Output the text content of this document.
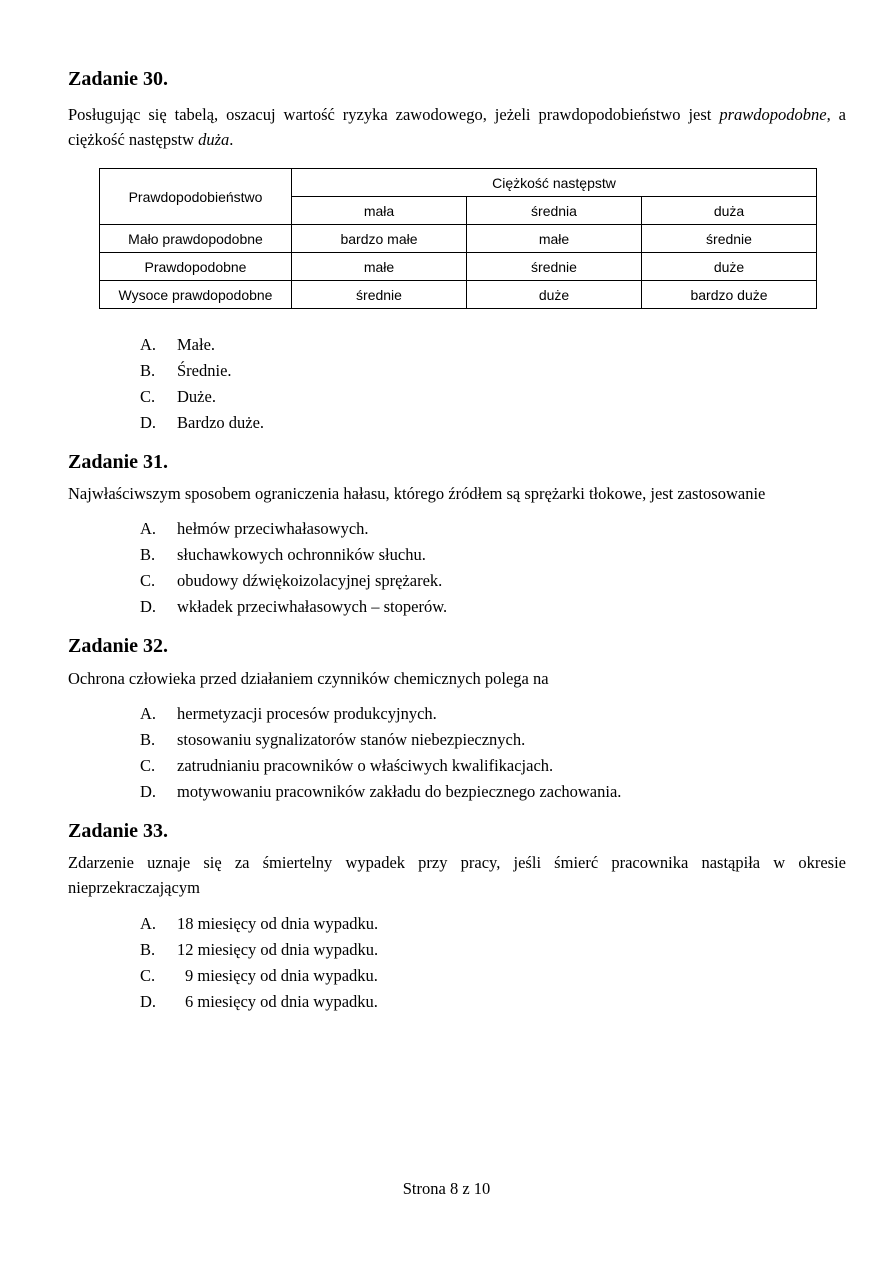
Zadanie 30.

Posługując się tabelą, oszacuj wartość ryzyka zawodowego, jeżeli prawdopodobieństwo jest prawdopodobne, a ciężkość następstw duża.

Prawdopodobieństwo	Ciężkość następstw		
	mała	średnia	duża
Mało prawdopodobne	bardzo małe	małe	średnie
Prawdopodobne	małe	średnie	duże
Wysoce prawdopodobne	średnie	duże	bardzo duże
A. Małe.
B. Średnie.
C. Duże.
D. Bardzo duże.
Zadanie 31.

Najwłaściwszym sposobem ograniczenia hałasu, którego źródłem są sprężarki tłokowe, jest zastosowanie

A. hełmów przeciwhałasowych.
B. słuchawkowych ochronników słuchu.
C. obudowy dźwiękoizolacyjnej sprężarek.
D. wkładek przeciwhałasowych – stoperów.
Zadanie 32.

Ochrona człowieka przed działaniem czynników chemicznych polega na

A. hermetyzacji procesów produkcyjnych.
B. stosowaniu sygnalizatorów stanów niebezpiecznych.
C. zatrudnianiu pracowników o właściwych kwalifikacjach.
D. motywowaniu pracowników zakładu do bezpiecznego zachowania.
Zadanie 33.

Zdarzenie uznaje się za śmiertelny wypadek przy pracy, jeśli śmierć pracownika nastąpiła w okresie nieprzekraczającym

A. 18 miesięcy od dnia wypadku.
B. 12 miesięcy od dnia wypadku.
C. 9 miesięcy od dnia wypadku.
D. 6 miesięcy od dnia wypadku.
Strona 8 z 10
